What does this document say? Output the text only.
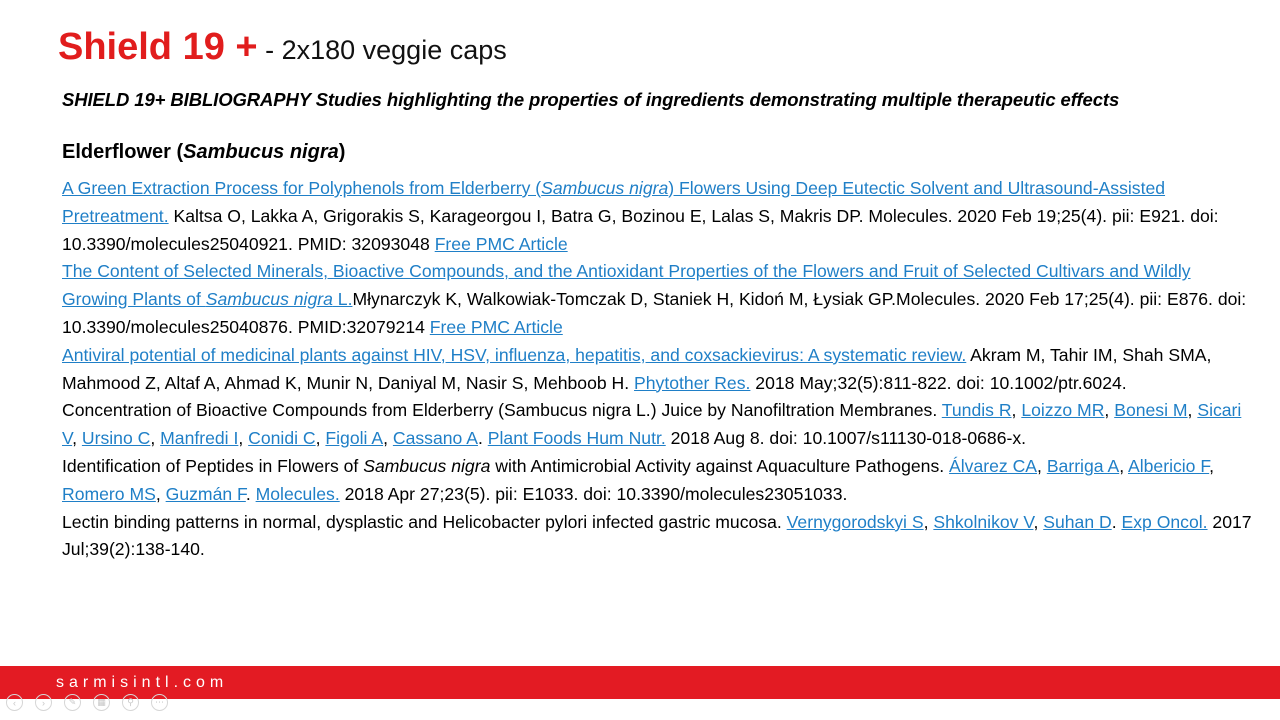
Shield 19 + - 2x180 veggie caps

SHIELD 19+ BIBLIOGRAPHY Studies highlighting the properties of ingredients demonstrating multiple therapeutic effects

Elderflower (Sambucus nigra)

A Green Extraction Process for Polyphenols from Elderberry (Sambucus nigra) Flowers Using Deep Eutectic Solvent and Ultrasound-Assisted Pretreatment. Kaltsa O, Lakka A, Grigorakis S, Karageorgou I, Batra G, Bozinou E, Lalas S, Makris DP. Molecules. 2020 Feb 19;25(4). pii: E921. doi: 10.3390/molecules25040921. PMID: 32093048 Free PMC Article

The Content of Selected Minerals, Bioactive Compounds, and the Antioxidant Properties of the Flowers and Fruit of Selected Cultivars and Wildly Growing Plants of Sambucus nigra L.Młynarczyk K, Walkowiak-Tomczak D, Staniek H, Kidoń M, Łysiak GP.Molecules. 2020 Feb 17;25(4). pii: E876. doi: 10.3390/molecules25040876. PMID:32079214 Free PMC Article

Antiviral potential of medicinal plants against HIV, HSV, influenza, hepatitis, and coxsackievirus: A systematic review. Akram M, Tahir IM, Shah SMA, Mahmood Z, Altaf A, Ahmad K, Munir N, Daniyal M, Nasir S, Mehboob H. Phytother Res. 2018 May;32(5):811-822. doi: 10.1002/ptr.6024.

Concentration of Bioactive Compounds from Elderberry (Sambucus nigra L.) Juice by Nanofiltration Membranes. Tundis R, Loizzo MR, Bonesi M, Sicari V, Ursino C, Manfredi I, Conidi C, Figoli A, Cassano A. Plant Foods Hum Nutr. 2018 Aug 8. doi: 10.1007/s11130-018-0686-x.

Identification of Peptides in Flowers of Sambucus nigra with Antimicrobial Activity against Aquaculture Pathogens. Álvarez CA, Barriga A, Albericio F, Romero MS, Guzmán F. Molecules. 2018 Apr 27;23(5). pii: E1033. doi: 10.3390/molecules23051033.

Lectin binding patterns in normal, dysplastic and Helicobacter pylori infected gastric mucosa. Vernygorodskyi S, Shkolnikov V, Suhan D. Exp Oncol. 2017 Jul;39(2):138-140.

sarmisintl.com
‹	›	✎	▦	⚲	⋯
